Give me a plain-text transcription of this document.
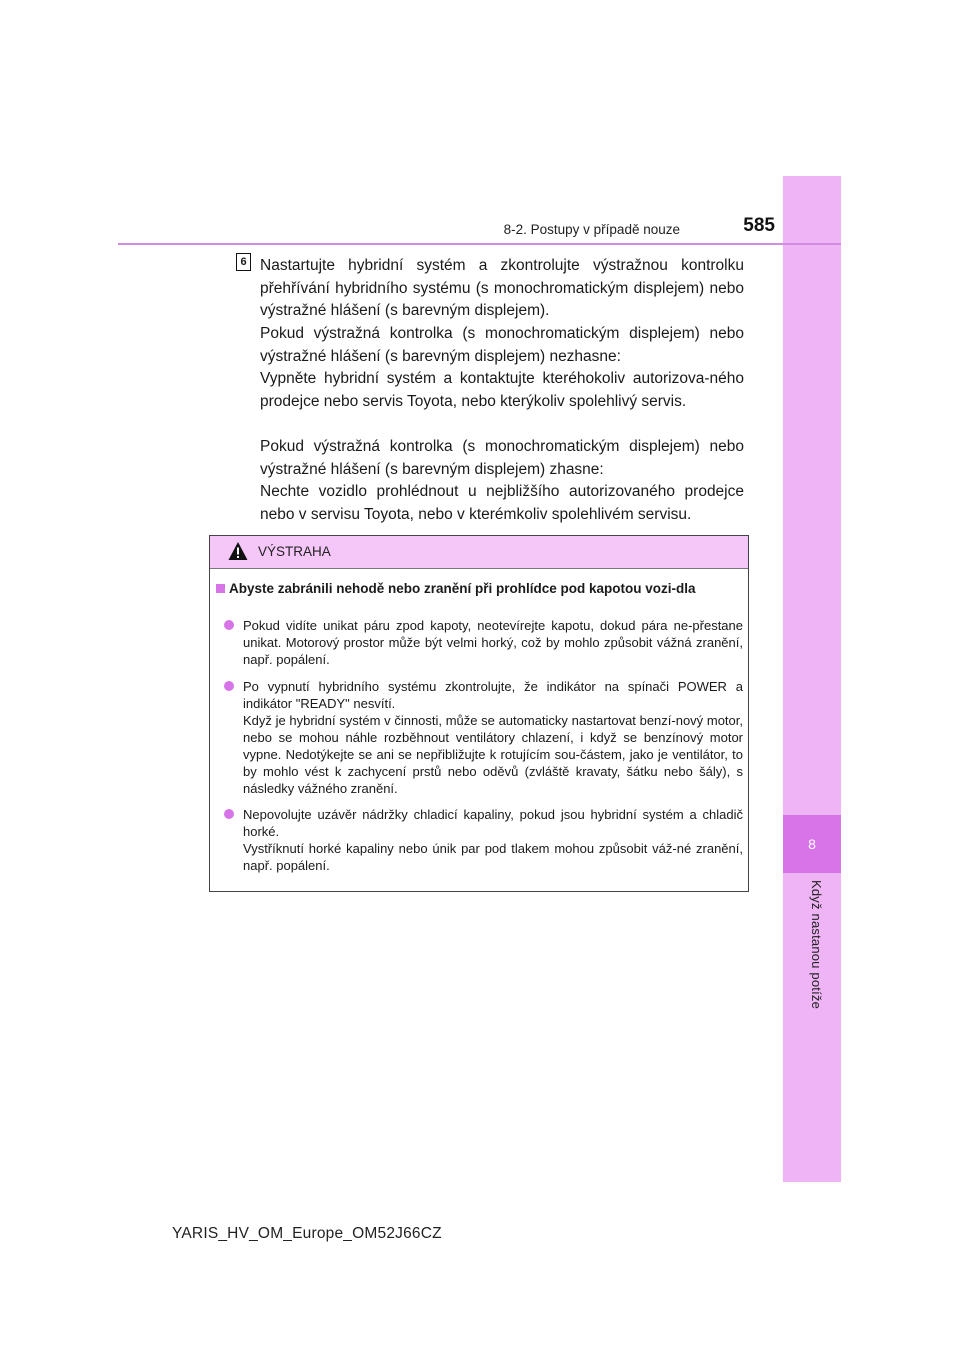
8
Když nastanou potíže
8-2. Postupy v případě nouze	585
6 Nastartujte hybridní systém a zkontrolujte výstražnou kontrolku přehřívání hybridního systému (s monochromatickým displejem) nebo výstražné hlášení (s barevným displejem).
Pokud výstražná kontrolka (s monochromatickým displejem) nebo výstražné hlášení (s barevným displejem) nezhasne:
Vypněte hybridní systém a kontaktujte kteréhokoliv autorizova-ného prodejce nebo servis Toyota, nebo kterýkoliv spolehlivý servis.
Pokud výstražná kontrolka (s monochromatickým displejem) nebo výstražné hlášení (s barevným displejem) zhasne:
Nechte vozidlo prohlédnout u nejbližšího autorizovaného prodejce nebo v servisu Toyota, nebo v kterémkoliv spolehlivém servisu.
VÝSTRAHA
Abyste zabránili nehodě nebo zranění při prohlídce pod kapotou vozi-dla
Pokud vidíte unikat páru zpod kapoty, neotevírejte kapotu, dokud pára ne-přestane unikat. Motorový prostor může být velmi horký, což by mohlo způsobit vážná zranění, např. popálení.
Po vypnutí hybridního systému zkontrolujte, že indikátor na spínači POWER a indikátor "READY" nesvítí.
Když je hybridní systém v činnosti, může se automaticky nastartovat benzí-nový motor, nebo se mohou náhle rozběhnout ventilátory chlazení, i když se benzínový motor vypne. Nedotýkejte se ani se nepřibližujte k rotujícím sou-částem, jako je ventilátor, to by mohlo vést k zachycení prstů nebo oděvů (zvláště kravaty, šátku nebo šály), s následky vážného zranění.
Nepovolujte uzávěr nádržky chladicí kapaliny, pokud jsou hybridní systém a chladič horké.
Vystříknutí horké kapaliny nebo únik par pod tlakem mohou způsobit váž-né zranění, např. popálení.
YARIS_HV_OM_Europe_OM52J66CZ
